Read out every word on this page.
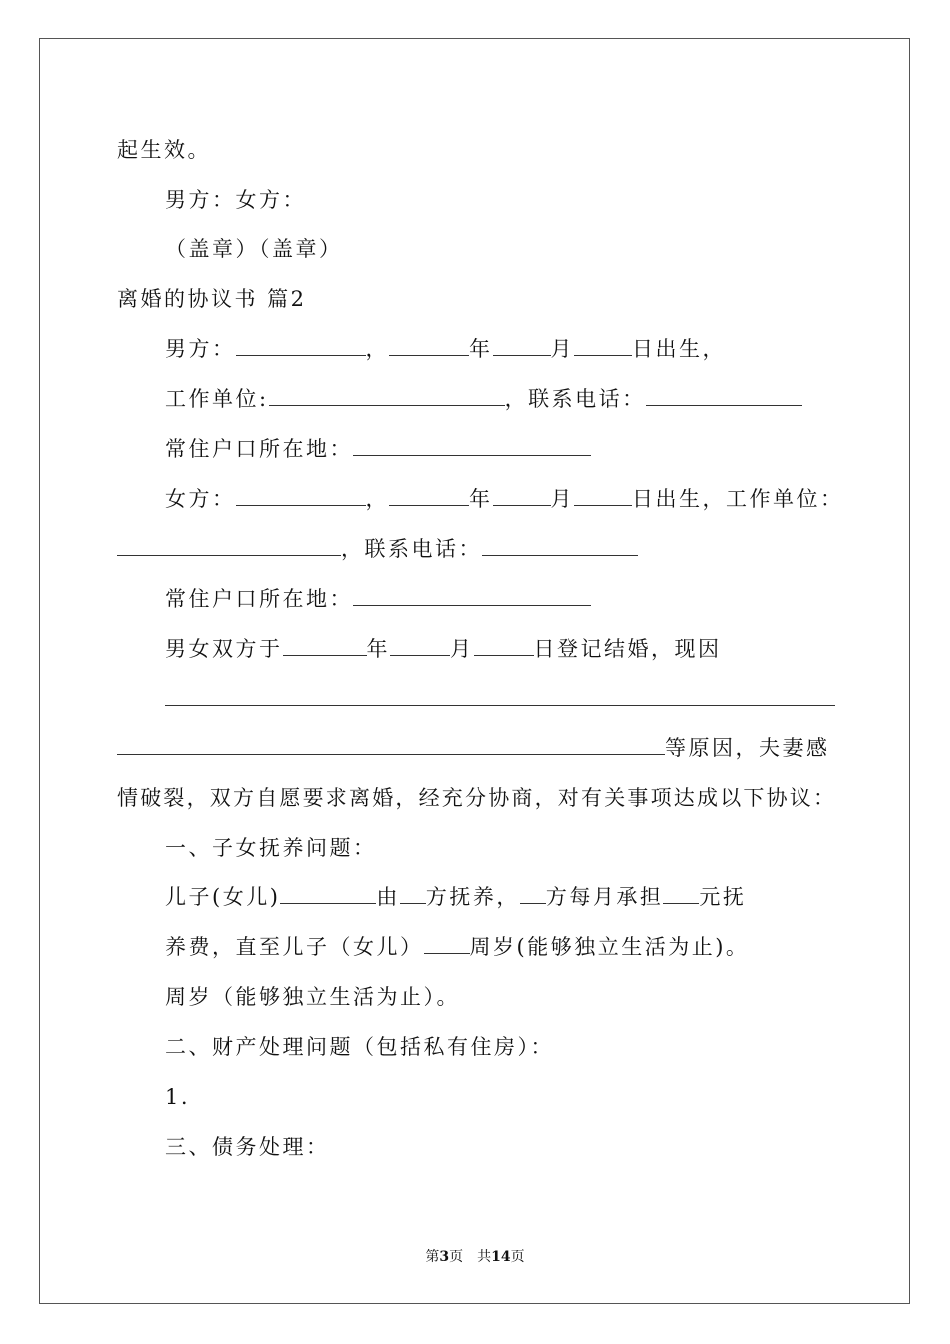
起生效。
男方：女方：
（盖章）（盖章）
离婚的协议书 篇2
男方：	，	年	月	日出生，
工作单位:	，联系电话：
常住户口所在地：
女方：	，	年	月	日出生，工作单位：
，联系电话：
常住户口所在地：
男女双方于	年	月	日登记结婚，现因
等原因，夫妻感
情破裂，双方自愿要求离婚，经充分协商，对有关事项达成以下协议：
一、子女抚养问题：
儿子(女儿)	由 方抚养， 方每月承担 元抚
养费，直至儿子（女儿） 周岁(能够独立生活为止)。
周岁（能够独立生活为止）。
二、财产处理问题（包括私有住房）：
1.
三、债务处理：
第3页　共14页
